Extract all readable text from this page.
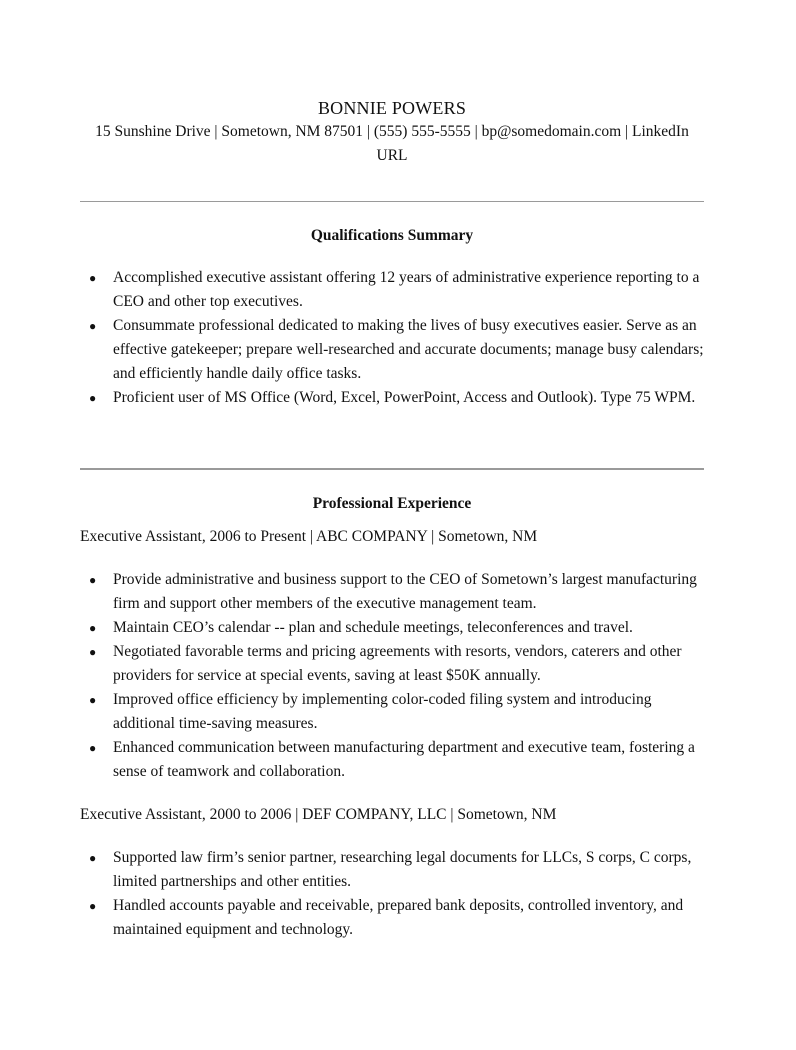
BONNIE POWERS
15 Sunshine Drive | Sometown, NM 87501 | (555) 555-5555 | bp@somedomain.com | LinkedIn URL
Qualifications Summary
● Accomplished executive assistant offering 12 years of administrative experience reporting to a CEO and other top executives.
● Consummate professional dedicated to making the lives of busy executives easier. Serve as an effective gatekeeper; prepare well-researched and accurate documents; manage busy calendars; and efficiently handle daily office tasks.
● Proficient user of MS Office (Word, Excel, PowerPoint, Access and Outlook). Type 75 WPM.
Professional Experience
Executive Assistant, 2006 to Present | ABC COMPANY | Sometown, NM
● Provide administrative and business support to the CEO of Sometown’s largest manufacturing firm and support other members of the executive management team.
● Maintain CEO’s calendar -- plan and schedule meetings, teleconferences and travel.
● Negotiated favorable terms and pricing agreements with resorts, vendors, caterers and other providers for service at special events, saving at least $50K annually.
● Improved office efficiency by implementing color-coded filing system and introducing additional time-saving measures.
● Enhanced communication between manufacturing department and executive team, fostering a sense of teamwork and collaboration.
Executive Assistant, 2000 to 2006 | DEF COMPANY, LLC | Sometown, NM
● Supported law firm’s senior partner, researching legal documents for LLCs, S corps, C corps, limited partnerships and other entities.
● Handled accounts payable and receivable, prepared bank deposits, controlled inventory, and maintained equipment and technology.
